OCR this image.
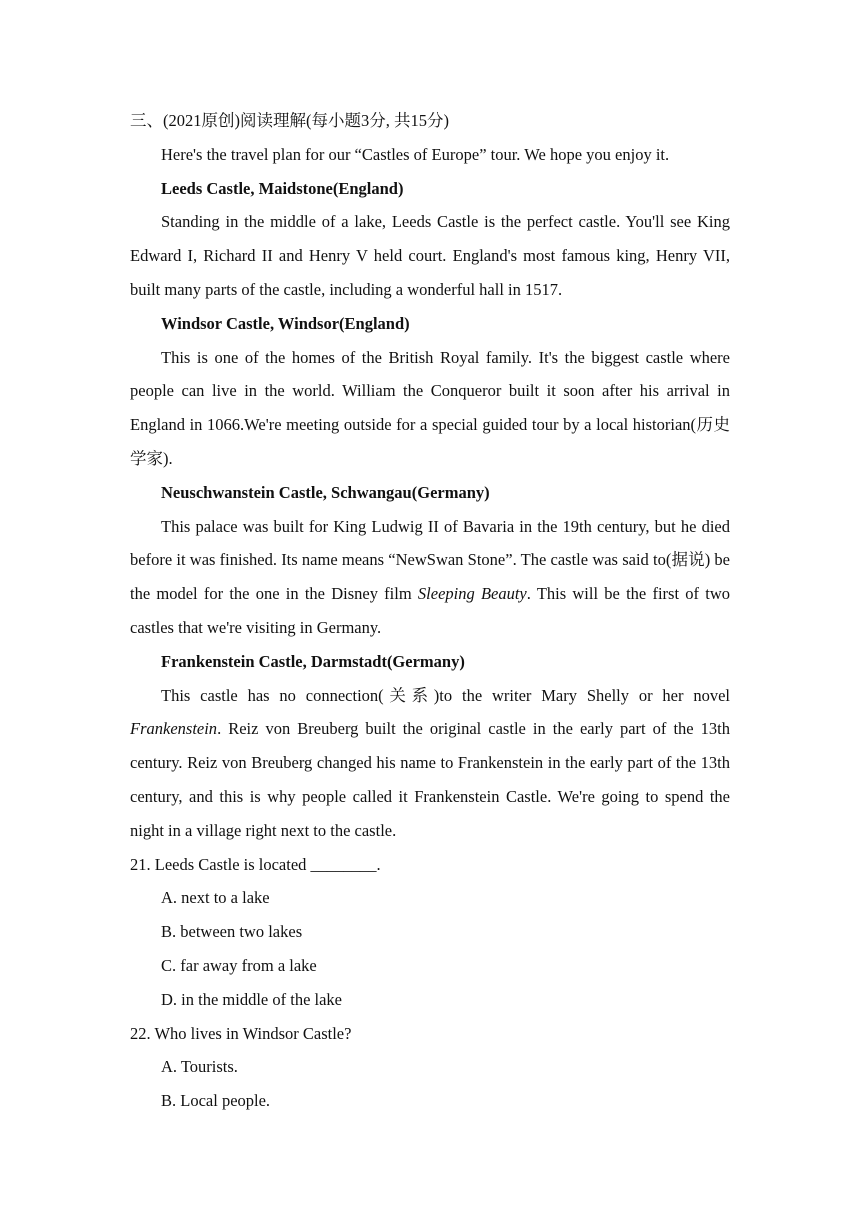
三、(2021原创)阅读理解(每小题3分, 共15分)
Here's the travel plan for our “Castles of Europe” tour. We hope you enjoy it.
Leeds Castle, Maidstone(England)
Standing in the middle of a lake, Leeds Castle is the perfect castle. You'll see King Edward I, Richard II and Henry V held court. England's most famous king, Henry VII, built many parts of the castle, including a wonderful hall in 1517.
Windsor Castle, Windsor(England)
This is one of the homes of the British Royal family. It's the biggest castle where people can live in the world. William the Conqueror built it soon after his arrival in England in 1066.We're meeting outside for a special guided tour by a local historian(历史学家).
Neuschwanstein Castle, Schwangau(Germany)
This palace was built for King Ludwig II of Bavaria in the 19th century, but he died before it was finished. Its name means “NewSwan Stone”. The castle was said to(据说) be the model for the one in the Disney film Sleeping Beauty. This will be the first of two castles that we're visiting in Germany.
Frankenstein Castle, Darmstadt(Germany)
This castle has no connection(关系)to the writer Mary Shelly or her novel Frankenstein. Reiz von Breuberg built the original castle in the early part of the 13th century. Reiz von Breuberg changed his name to Frankenstein in the early part of the 13th century, and this is why people called it Frankenstein Castle. We're going to spend the night in a village right next to the castle.
21. Leeds Castle is located ________.
A. next to a lake
B. between two lakes
C. far away from a lake
D. in the middle of the lake
22. Who lives in Windsor Castle?
A. Tourists.
B. Local people.
